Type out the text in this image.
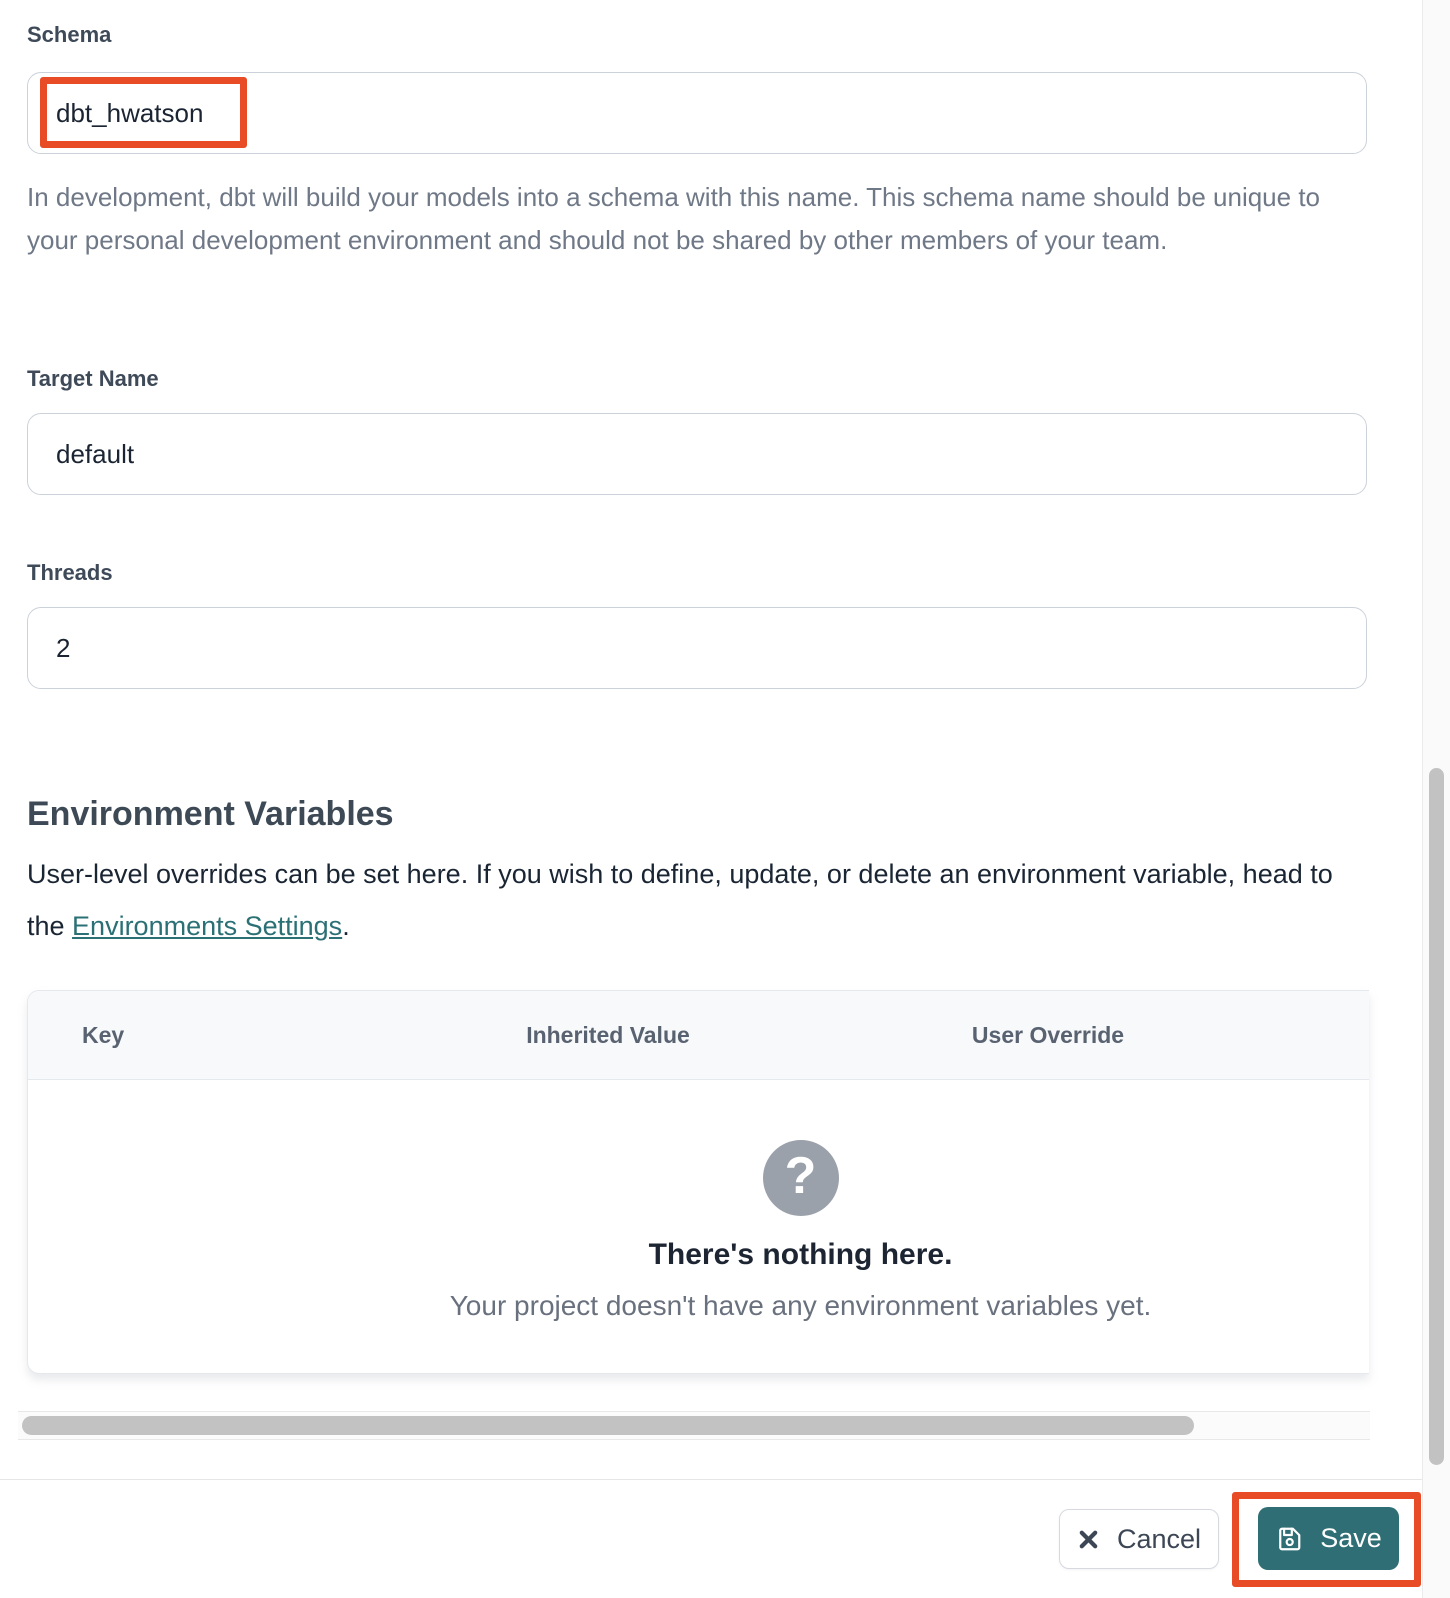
Schema
dbt_hwatson
In development, dbt will build your models into a schema with this name. This schema name should be unique to your personal development environment and should not be shared by other members of your team.
Target Name
default
Threads
2
Environment Variables
User-level overrides can be set here. If you wish to define, update, or delete an environment variable, head to the Environments Settings.
Key	Inherited Value	User Override
?
There's nothing here.
Your project doesn't have any environment variables yet.
Cancel	Save
